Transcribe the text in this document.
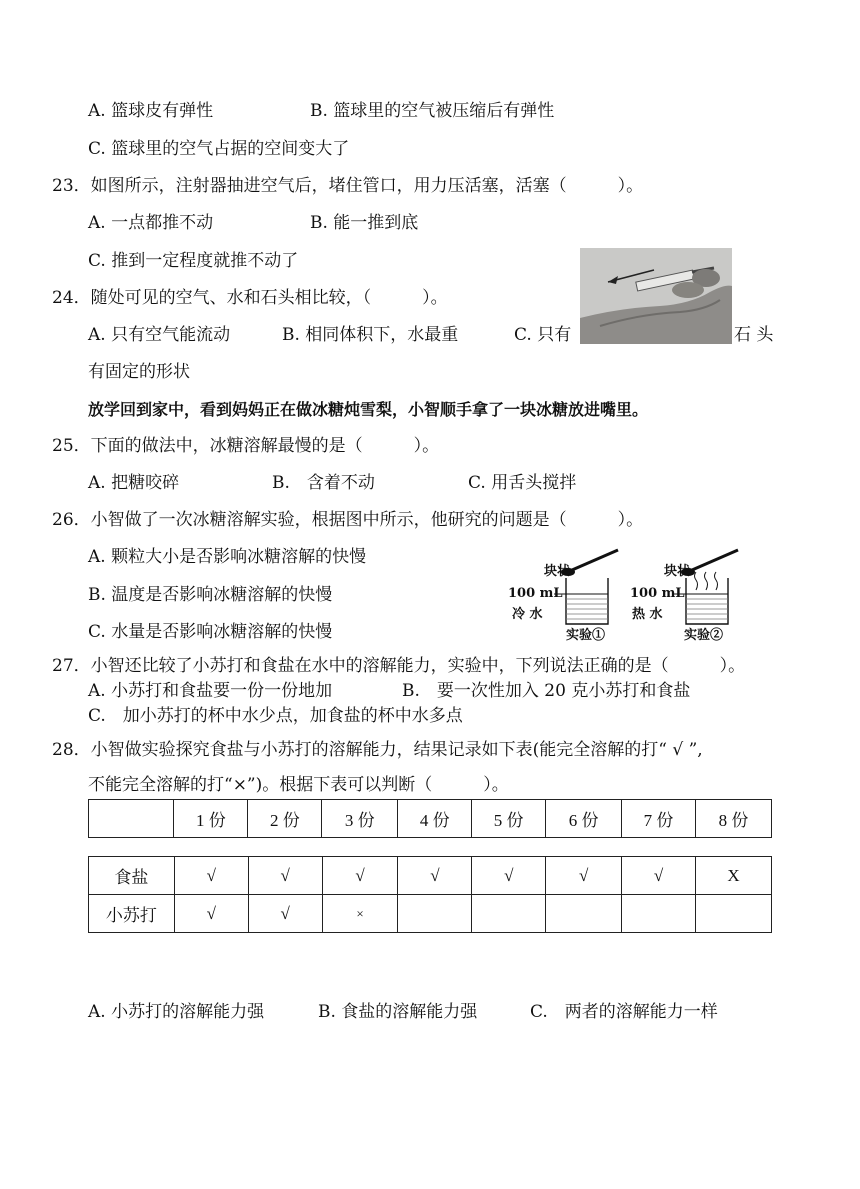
A. 篮球皮有弹性	B. 篮球里的空气被压缩后有弹性
C. 篮球里的空气占据的空间变大了
23．如图所示，注射器抽进空气后，堵住管口，用力压活塞，活塞（　　　）。
A. 一点都推不动	B. 能一推到底
C. 推到一定程度就推不动了
24．随处可见的空气、水和石头相比较，（　　　）。
A. 只有空气能流动	B. 相同体积下，水最重	C. 只有	石 头
有固定的形状
放学回到家中，看到妈妈正在做冰糖炖雪梨，小智顺手拿了一块冰糖放进嘴里。
25．下面的做法中，冰糖溶解最慢的是（　　　）。
A. 把糖咬碎	B.　含着不动	C. 用舌头搅拌
26．小智做了一次冰糖溶解实验，根据图中所示，他研究的问题是（　　　）。
A. 颗粒大小是否影响冰糖溶解的快慢
B. 温度是否影响冰糖溶解的快慢
C. 水量是否影响冰糖溶解的快慢
块状
100 mL
冷 水
实验①
块状
100 mL
热 水
实验②
27．小智还比较了小苏打和食盐在水中的溶解能力，实验中，下列说法正确的是（　　　）。
A. 小苏打和食盐要一份一份地加	B.　要一次性加入 20 克小苏打和食盐
C.　加小苏打的杯中水少点，加食盐的杯中水多点
28．小智做实验探究食盐与小苏打的溶解能力，结果记录如下表(能完全溶解的打“ √ ”,
不能完全溶解的打“×”)。根据下表可以判断（　　　）。
	1 份	2 份	3 份	4 份	5 份	6 份	7 份	8 份
食盐	√	√	√	√	√	√	√	X
小苏打	√	√	×					
A. 小苏打的溶解能力强	B. 食盐的溶解能力强	C.　两者的溶解能力一样
